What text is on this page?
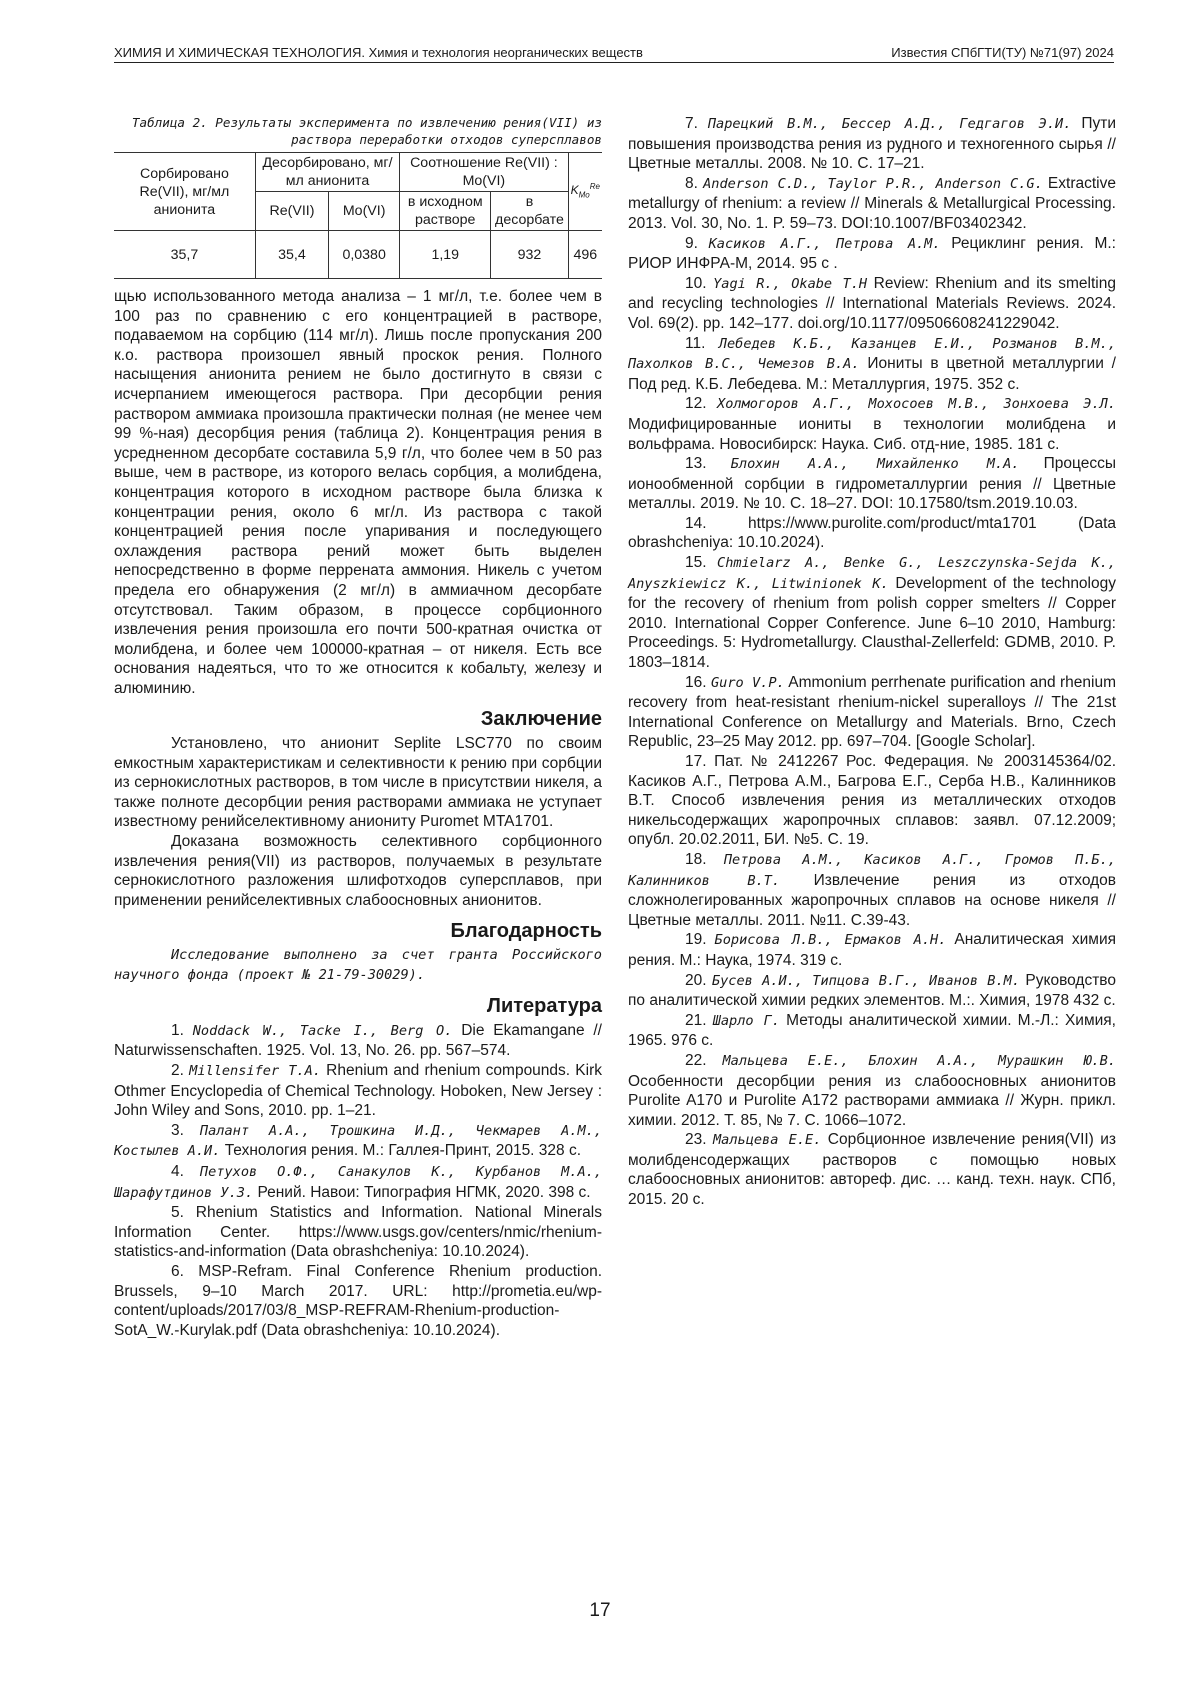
ХИМИЯ И ХИМИЧЕСКАЯ ТЕХНОЛОГИЯ. Химия и технология неорганических веществ	Известия СПбГТИ(ТУ) №71(97) 2024
Таблица 2. Результаты эксперимента по извлечению рения(VII) из раствора переработки отходов суперсплавов
Сорбировано Re(VII), мг/мл анионита	Десорбировано, мг/мл анионита		Соотношение Re(VII) : Mo(VI)		$K_{Mo}^{Re}$
	Re(VII)	Mo(VI)	в исходном растворе	в десорбате	
35,7	35,4	0,0380	1,19	932	496

щью использованного метода анализа – 1 мг/л, т.е. более чем в 100 раз по сравнению с его концентрацией в растворе, подаваемом на сорбцию (114 мг/л). Лишь после пропускания 200 к.о. раствора произошел явный проскок рения. Полного насыщения анионита рением не было достигнуто в связи с исчерпанием имеющегося раствора. При десорбции рения раствором аммиака произошла практически полная (не менее чем 99 %-ная) десорбция рения (таблица 2). Концентрация рения в усредненном десорбате составила 5,9 г/л, что более чем в 50 раз выше, чем в растворе, из которого велась сорбция, а молибдена, концентрация которого в исходном растворе была близка к концентрации рения, около 6 мг/л. Из раствора с такой концентрацией рения после упаривания и последующего охлаждения раствора рений может быть выделен непосредственно в форме перрената аммония. Никель с учетом предела его обнаружения (2 мг/л) в аммиачном десорбате отсутствовал. Таким образом, в процессе сорбционного извлечения рения произошла его почти 500-кратная очистка от молибдена, и более чем 100000-кратная – от никеля. Есть все основания надеяться, что то же относится к кобальту, железу и алюминию.

Заключение

Установлено, что анионит Seplite LSC770 по своим емкостным характеристикам и селективности к рению при сорбции из сернокислотных растворов, в том числе в присутствии никеля, а также полноте десорбции рения растворами аммиака не уступает известному ренийселективному аниониту Puromet MTA1701.

Доказана возможность селективного сорбционного извлечения рения(VII) из растворов, получаемых в результате сернокислотного разложения шлифотходов суперсплавов, при применении ренийселективных слабоосновных анионитов.

Благодарность

Исследование выполнено за счет гранта Российского научного фонда (проект № 21-79-30029).

Литература

1. Noddack W., Tacke I., Berg O. Die Ekamangane // Naturwissenschaften. 1925. Vol. 13, No. 26. pp. 567–574.

2. Millensifer T.A. Rhenium and rhenium compounds. Kirk Othmer Encyclopedia of Chemical Technology. Hoboken, New Jersey : John Wiley and Sons, 2010. pp. 1–21.

3. Палант А.А., Трошкина И.Д., Чекмарев А.М., Костылев А.И. Технология рения. М.: Галлея-Принт, 2015. 328 с.

4. Петухов О.Ф., Санакулов К., Курбанов М.А., Шарафутдинов У.З. Рений. Навои: Типография НГМК, 2020. 398 с.

5. Rhenium Statistics and Information. National Minerals Information Center. https://www.usgs.gov/centers/nmic/rhenium-statistics-and-information (Data obrashcheniya: 10.10.2024).

6. MSP-Refram. Final Conference Rhenium production. Brussels, 9–10 March 2017. URL: http://prometia.eu/wp-content/uploads/2017/03/8_MSP-REFRAM-Rhenium-production-SotA_W.-Kurylak.pdf (Data obrashcheniya: 10.10.2024).

7. Парецкий В.М., Бессер А.Д., Гедгагов Э.И. Пути повышения производства рения из рудного и техногенного сырья // Цветные металлы. 2008. № 10. С. 17–21.

8. Anderson C.D., Taylor P.R., Anderson C.G. Extractive metallurgy of rhenium: a review // Minerals & Metallurgical Processing. 2013. Vol. 30, No. 1. P. 59–73. DOI:10.1007/BF03402342.

9. Касиков А.Г., Петрова А.М. Рециклинг рения. М.: РИОР ИНФРА-М, 2014. 95 с .

10. Yagi R., Okabe T.H Review: Rhenium and its smelting and recycling technologies // International Materials Reviews. 2024. Vol. 69(2). pp. 142–177. doi.org/10.1177/09506608241229042.

11. Лебедев К.Б., Казанцев Е.И., Розманов В.М., Пахолков В.С., Чемезов В.А. Иониты в цветной металлургии / Под ред. К.Б. Лебедева. М.: Металлургия, 1975. 352 с.

12. Холмогоров А.Г., Мохосоев М.В., Зонхоева Э.Л. Модифицированные иониты в технологии молибдена и вольфрама. Новосибирск: Наука. Сиб. отд-ние, 1985. 181 с.

13. Блохин А.А., Михайленко М.А. Процессы ионообменной сорбции в гидрометаллургии рения // Цветные металлы. 2019. № 10. С. 18–27. DOI: 10.17580/tsm.2019.10.03.

14.	https://www.purolite.com/product/mta1701 (Data obrashcheniya: 10.10.2024).

15. Chmielarz A., Benke G., Leszczynska-Sejda K., Anyszkiewicz K., Litwinionek K. Development of the technology for the recovery of rhenium from polish copper smelters // Copper 2010. International Copper Conference. June 6–10 2010, Hamburg: Proceedings. 5: Hydrometallurgy. Clausthal-Zellerfeld: GDMB, 2010. P. 1803–1814.

16. Guro V.P. Ammonium perrhenate purification and rhenium recovery from heat-resistant rhenium-nickel superalloys // The 21st International Conference on Metallurgy and Materials. Brno, Czech Republic, 23–25 May 2012. pp. 697–704. [Google Scholar].

17. Пат. № 2412267 Рос. Федерация. № 2003145364/02. Касиков А.Г., Петрова А.М., Багрова Е.Г., Серба Н.В., Калинников В.Т. Способ извлечения рения из металлических отходов никельсодержащих жаропрочных сплавов: заявл. 07.12.2009; опубл. 20.02.2011, БИ. №5. С. 19.

18. Петрова А.М., Касиков А.Г., Громов П.Б., Калинников В.Т. Извлечение рения из отходов сложнолегированных жаропрочных сплавов на основе никеля // Цветные металлы. 2011. №11. С.39-43.

19. Борисова Л.В., Ермаков А.Н. Аналитическая химия рения. М.: Наука, 1974. 319 с.

20. Бусев А.И., Типцова В.Г., Иванов В.М. Руководство по аналитической химии редких элементов. М.:. Химия, 1978 432 с.

21. Шарло Г. Методы аналитической химии. М.-Л.: Химия, 1965. 976 с.

22. Мальцева Е.Е., Блохин А.А., Мурашкин Ю.В. Особенности десорбции рения из слабоосновных анионитов Purolite A170 и Purolite A172 растворами аммиака // Журн. прикл. химии. 2012. Т. 85, № 7. С. 1066–1072.

23. Мальцева Е.Е. Сорбционное извлечение рения(VII) из молибденсодержащих растворов с помощью новых слабоосновных анионитов: автореф. дис. … канд. техн. наук. СПб, 2015. 20 с.

17
